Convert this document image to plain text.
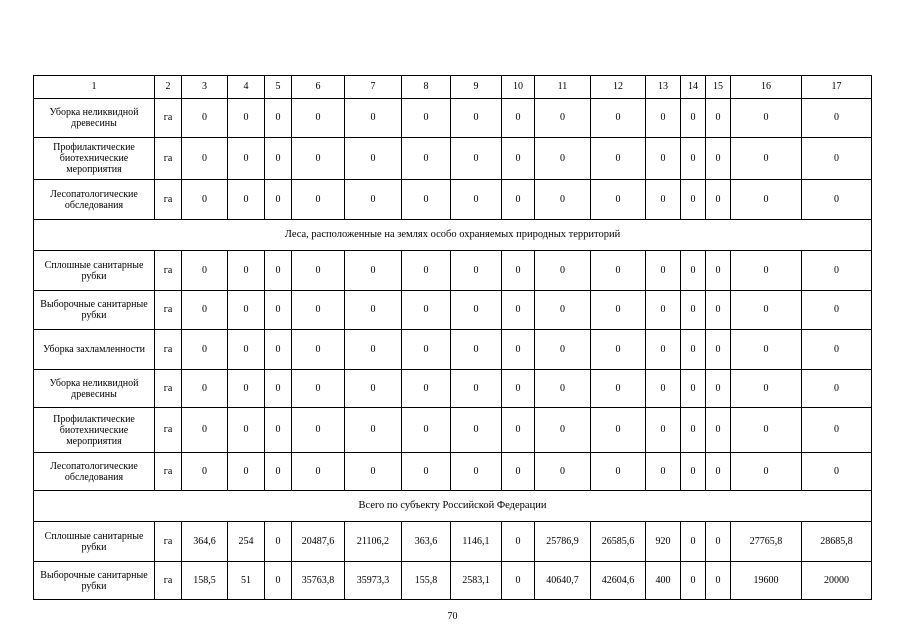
1	2	3	4	5	6	7	8	9	10	11	12	13	14	15	16	17
Уборка неликвидной древесины	га	0	0	0	0	0	0	0	0	0	0	0	0	0	0	0
Профилактические биотехнические мероприятия	га	0	0	0	0	0	0	0	0	0	0	0	0	0	0	0
Лесопатологические обследования	га	0	0	0	0	0	0	0	0	0	0	0	0	0	0	0
Леса, расположенные на землях особо охраняемых природных территорий																
Сплошные санитарные рубки	га	0	0	0	0	0	0	0	0	0	0	0	0	0	0	0
Выборочные санитарные рубки	га	0	0	0	0	0	0	0	0	0	0	0	0	0	0	0
Уборка захламленности	га	0	0	0	0	0	0	0	0	0	0	0	0	0	0	0
Уборка неликвидной древесины	га	0	0	0	0	0	0	0	0	0	0	0	0	0	0	0
Профилактические биотехнические мероприятия	га	0	0	0	0	0	0	0	0	0	0	0	0	0	0	0
Лесопатологические обследования	га	0	0	0	0	0	0	0	0	0	0	0	0	0	0	0
Всего по субъекту Российской Федерации																
Сплошные санитарные рубки	га	364,6	254	0	20487,6	21106,2	363,6	1146,1	0	25786,9	26585,6	920	0	0	27765,8	28685,8
Выборочные санитарные рубки	га	158,5	51	0	35763,8	35973,3	155,8	2583,1	0	40640,7	42604,6	400	0	0	19600	20000
70
